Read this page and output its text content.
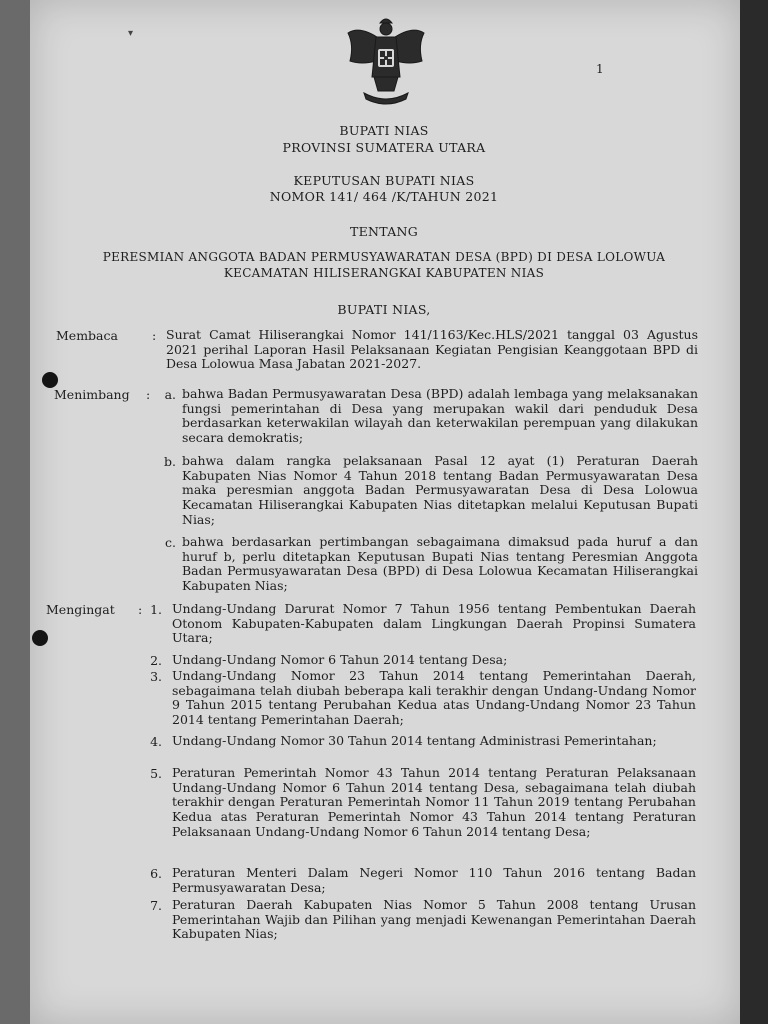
▾
1
BUPATI NIAS
PROVINSI SUMATERA UTARA
KEPUTUSAN BUPATI NIAS
NOMOR 141/ 464 /K/TAHUN 2021
TENTANG
PERESMIAN ANGGOTA BADAN PERMUSYAWARATAN DESA (BPD) DI DESA LOLOWUA
KECAMATAN HILISERANGKAI KABUPATEN NIAS
BUPATI NIAS,
Membaca	: Surat Camat Hiliserangkai Nomor 141/1163/Kec.HLS/2021 tanggal 03 Agustus 2021 perihal Laporan Hasil Pelaksanaan Kegiatan Pengisian Keanggotaan BPD di Desa Lolowua Masa Jabatan 2021-2027.
Menimbang :	a. bahwa Badan Permusyawaratan Desa (BPD) adalah lembaga yang melaksanakan fungsi pemerintahan di Desa yang merupakan wakil dari penduduk Desa berdasarkan keterwakilan wilayah dan keterwakilan perempuan yang dilakukan secara demokratis;
b. bahwa dalam rangka pelaksanaan Pasal 12 ayat (1) Peraturan Daerah Kabupaten Nias Nomor 4 Tahun 2018 tentang Badan Permusyawaratan Desa maka peresmian anggota Badan Permusyawaratan Desa di Desa Lolowua Kecamatan Hiliserangkai Kabupaten Nias ditetapkan melalui Keputusan Bupati Nias;
c. bahwa berdasarkan pertimbangan sebagaimana dimaksud pada huruf a dan huruf b, perlu ditetapkan Keputusan Bupati Nias tentang Peresmian Anggota Badan Permusyawaratan Desa (BPD) di Desa Lolowua Kecamatan Hiliserangkai Kabupaten Nias;
Mengingat : 1. Undang-Undang Darurat Nomor 7 Tahun 1956 tentang Pembentukan Daerah Otonom Kabupaten-Kabupaten dalam Lingkungan Daerah Propinsi Sumatera Utara;
2. Undang-Undang Nomor 6 Tahun 2014 tentang Desa;
3. Undang-Undang Nomor 23 Tahun 2014 tentang Pemerintahan Daerah, sebagaimana telah diubah beberapa kali terakhir dengan Undang-Undang Nomor 9 Tahun 2015 tentang Perubahan Kedua atas Undang-Undang Nomor 23 Tahun 2014 tentang Pemerintahan Daerah;
4. Undang-Undang Nomor 30 Tahun 2014 tentang Administrasi Pemerintahan;
5. Peraturan Pemerintah Nomor 43 Tahun 2014 tentang Peraturan Pelaksanaan Undang-Undang Nomor 6 Tahun 2014 tentang Desa, sebagaimana telah diubah terakhir dengan Peraturan Pemerintah Nomor 11 Tahun 2019 tentang Perubahan Kedua atas Peraturan Pemerintah Nomor 43 Tahun 2014 tentang Peraturan Pelaksanaan Undang-Undang Nomor 6 Tahun 2014 tentang Desa;
6. Peraturan Menteri Dalam Negeri Nomor 110 Tahun 2016 tentang Badan Permusyawaratan Desa;
7. Peraturan Daerah Kabupaten Nias Nomor 5 Tahun 2008 tentang Urusan Pemerintahan Wajib dan Pilihan yang menjadi Kewenangan Pemerintahan Daerah Kabupaten Nias;
